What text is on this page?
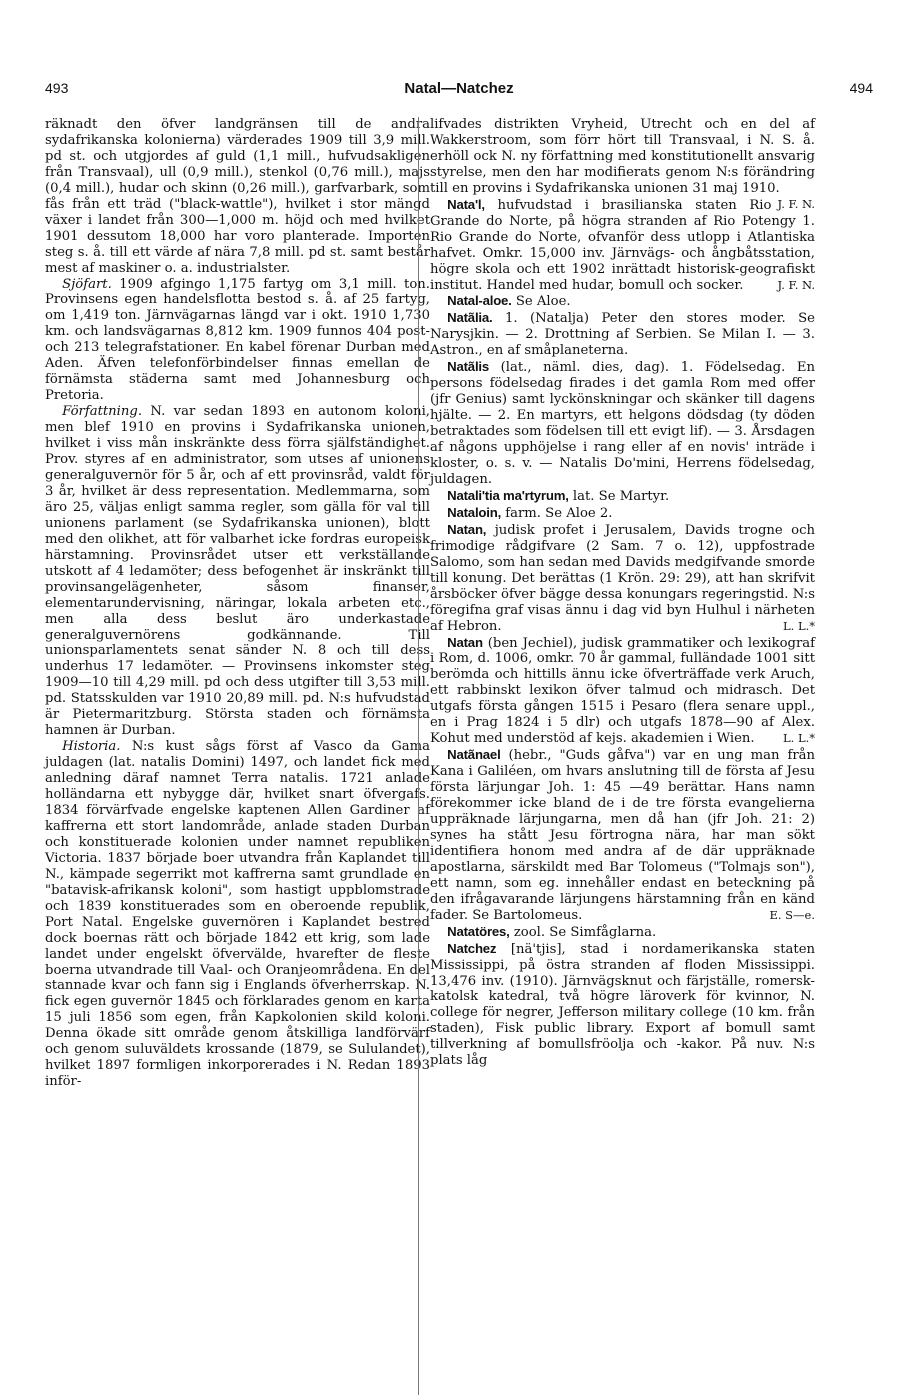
493	Natal—Natchez	494

räknadt den öfver landgränsen till de andra sydafrikanska kolonierna) värderades 1909 till 3,9 mill. pd st. och utgjordes af guld (1,1 mill., hufvudsakligen från Transvaal), ull (0,9 mill.), stenkol (0,76 mill.), majs (0,4 mill.), hudar och skinn (0,26 mill.), garfvarbark, som fås från ett träd ("black-wattle"), hvilket i stor mängd växer i landet från 300—1,000 m. höjd och med hvilket 1901 dessutom 18,000 har voro planterade. Importen steg s. å. till ett värde af nära 7,8 mill. pd st. samt består mest af maskiner o. a. industrialster.

Sjöfart. 1909 afgingo 1,175 fartyg om 3,1 mill. ton. Provinsens egen handelsflotta bestod s. å. af 25 fartyg, om 1,419 ton. Järnvägarnas längd var i okt. 1910 1,730 km. och landsvägarnas 8,812 km. 1909 funnos 404 post- och 213 telegrafstationer. En kabel förenar Durban med Aden. Äfven telefonförbindelser finnas emellan de förnämsta städerna samt med Johannesburg och Pretoria.

Författning. N. var sedan 1893 en autonom koloni, men blef 1910 en provins i Sydafrikanska unionen, hvilket i viss mån inskränkte dess förra själfständighet. Prov. styres af en administrator, som utses af unionens generalguvernör för 5 år, och af ett provinsråd, valdt för 3 år, hvilket är dess representation. Medlemmarna, som äro 25, väljas enligt samma regler, som gälla för val till unionens parlament (se Sydafrikanska unionen), blott med den olikhet, att för valbarhet icke fordras europeisk härstamning. Provinsrådet utser ett verkställande utskott af 4 ledamöter; dess befogenhet är inskränkt till provinsangelägenheter, såsom finanser, elementarundervisning, näringar, lokala arbeten etc., men alla dess beslut äro underkastade generalguvernörens godkännande. Till unionsparlamentets senat sänder N. 8 och till dess underhus 17 ledamöter. — Provinsens inkomster steg 1909—10 till 4,29 mill. pd och dess utgifter till 3,53 mill. pd. Statsskulden var 1910 20,89 mill. pd. N:s hufvudstad är Pietermaritzburg. Största staden och förnämsta hamnen är Durban.

Historia. N:s kust sågs först af Vasco da Gama juldagen (lat. natalis Domini) 1497, och landet fick med anledning däraf namnet Terra natalis. 1721 anlade holländarna ett nybygge där, hvilket snart öfvergafs. 1834 förvärfvade engelske kaptenen Allen Gardiner af kaffrerna ett stort landområde, anlade staden Durban och konstituerade kolonien under namnet republiken Victoria. 1837 började boer utvandra från Kaplandet till N., kämpade segerrikt mot kaffrerna samt grundlade en "batavisk-afrikansk koloni", som hastigt uppblomstrade och 1839 konstituerades som en oberoende republik, Port Natal. Engelske guvernören i Kaplandet bestred dock boernas rätt och började 1842 ett krig, som lade landet under engelskt öfvervälde, hvarefter de fleste boerna utvandrade till Vaal- och Oranjeområdena. En del stannade kvar och fann sig i Englands öfverherrskap. N. fick egen guvernör 1845 och förklarades genom en karta 15 juli 1856 som egen, från Kapkolonien skild koloni. Denna ökade sitt område genom åtskilliga landförvärf och genom suluväldets krossande (1879, se Sululandet), hvilket 1897 formligen inkorporerades i N. Redan 1893 inför-

lifvades distrikten Vryheid, Utrecht och en del af Wakkerstroom, som förr hört till Transvaal, i N. S. å. erhöll ock N. ny författning med konstitutionellt ansvarig styrelse, men den har modifierats genom N:s förändring till en provins i Sydafrikanska unionen 31 maj 1910.
J. F. N.

Nata'l, hufvudstad i brasilianska staten Rio Grande do Norte, på högra stranden af Rio Potengy 1. Rio Grande do Norte, ofvanför dess utlopp i Atlantiska hafvet. Omkr. 15,000 inv. Järnvägs- och ångbåtsstation, högre skola och ett 1902 inrättadt historisk-geografiskt institut. Handel med hudar, bomull och socker.	J. F. N.

Natal-aloe. Se Aloe.

Natãlia. 1. (Natalja) Peter den stores moder. Se Narysjkin. — 2. Drottning af Serbien. Se Milan I. — 3. Astron., en af småplaneterna.

Natãlis (lat., näml. dies, dag). 1. Födelsedag. En persons födelsedag firades i det gamla Rom med offer (jfr Genius) samt lyckönskningar och skänker till dagens hjälte. — 2. En martyrs, ett helgons dödsdag (ty döden betraktades som födelsen till ett evigt lif). — 3. Årsdagen af någons upphöjelse i rang eller af en novis' inträde i kloster, o. s. v. — Natalis Do'mini, Herrens födelsedag, juldagen.

Natali'tia ma'rtyrum, lat. Se Martyr.

Nataloin, farm. Se Aloe 2.

Natan, judisk profet i Jerusalem, Davids trogne och frimodige rådgifvare (2 Sam. 7 o. 12), uppfostrade Salomo, som han sedan med Davids medgifvande smorde till konung. Det berättas (1 Krön. 29: 29), att han skrifvit årsböcker öfver bägge dessa konungars regeringstid. N:s föregifna graf visas ännu i dag vid byn Hulhul i närheten af Hebron.	L. L.*

Natan (ben Jechiel), judisk grammatiker och lexikograf i Rom, d. 1006, omkr. 70 år gammal, fulländade 1001 sitt berömda och hittills ännu icke öfverträffade verk Aruch, ett rabbinskt lexikon öfver talmud och midrasch. Det utgafs första gången 1515 i Pesaro (flera senare uppl., en i Prag 1824 i 5 dlr) och utgafs 1878—90 af Alex. Kohut med understöd af kejs. akademien i Wien.	L. L.*

Natãnael (hebr., "Guds gåfva") var en ung man från Kana i Galiléen, om hvars anslutning till de första af Jesu första lärjungar Joh. 1: 45 —49 berättar. Hans namn förekommer icke bland de i de tre första evangelierna uppräknade lärjungarna, men då han (jfr Joh. 21: 2) synes ha stått Jesu förtrogna nära, har man sökt identifiera honom med andra af de där uppräknade apostlarna, särskildt med Bar Tolomeus ("Tolmajs son"), ett namn, som eg. innehåller endast en beteckning på den ifrågavarande lärjungens härstamning från en känd fader. Se Bartolomeus.	E. S—e.

Natatöres, zool. Se Simfåglarna.

Natchez [nä'tjis], stad i nordamerikanska staten Mississippi, på östra stranden af floden Mississippi. 13,476 inv. (1910). Järnvägsknut och färjställe, romersk-katolsk katedral, två högre läroverk för kvinnor, N. college för negrer, Jefferson military college (10 km. från staden), Fisk public library. Export af bomull samt tillverkning af bomullsfröolja och -kakor. På nuv. N:s plats låg
